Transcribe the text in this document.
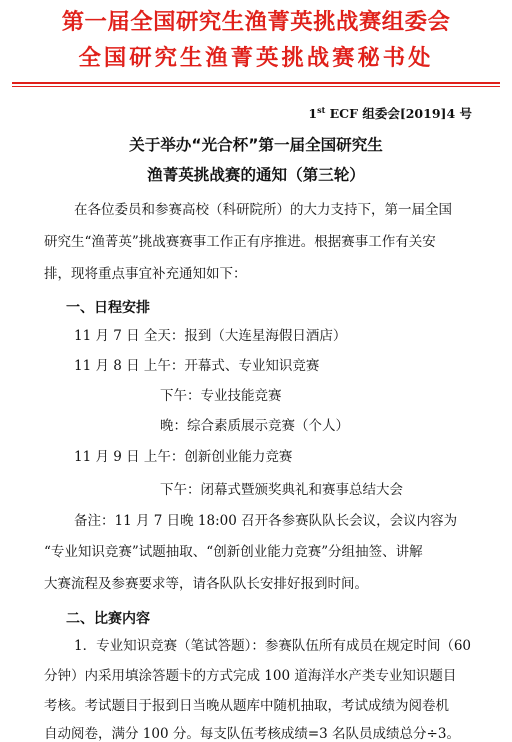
第一届全国研究生渔菁英挑战赛组委会
全国研究生渔菁英挑战赛秘书处
1st ECF 组委会[2019]4 号
关于举办“光合杯”第一届全国研究生
渔菁英挑战赛的通知（第三轮）
在各位委员和参赛高校（科研院所）的大力支持下，第一届全国
研究生“渔菁英”挑战赛赛事工作正有序推进。根据赛事工作有关安
排，现将重点事宜补充通知如下：
一、日程安排
11 月 7 日 全天：报到（大连星海假日酒店）
11 月 8 日 上午：开幕式、专业知识竞赛
下午：专业技能竞赛
晚：综合素质展示竞赛（个人）
11 月 9 日 上午：创新创业能力竞赛
下午：闭幕式暨颁奖典礼和赛事总结大会
备注：11 月 7 日晚 18:00 召开各参赛队队长会议，会议内容为
“专业知识竞赛”试题抽取、“创新创业能力竞赛”分组抽签、讲解
大赛流程及参赛要求等，请各队队长安排好报到时间。
二、比赛内容
1．专业知识竞赛（笔试答题）：参赛队伍所有成员在规定时间（60
分钟）内采用填涂答题卡的方式完成 100 道海洋水产类专业知识题目
考核。考试题目于报到日当晚从题库中随机抽取，考试成绩为阅卷机
自动阅卷，满分 100 分。每支队伍考核成绩=3 名队员成绩总分÷3。
